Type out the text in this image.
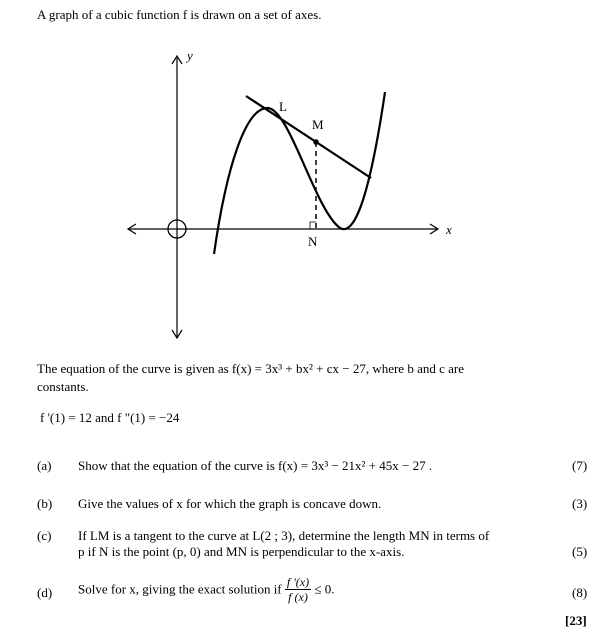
A graph of a cubic function f is drawn on a set of axes.
y
x
L
M
N
The equation of the curve is given as f(x) = 3x³ + bx² + cx − 27, where b and c are
constants.
f '(1) = 12 and f "(1) = −24
(a) Show that the equation of the curve is f(x) = 3x³ − 21x² + 45x − 27 .	(7)
(b) Give the values of x for which the graph is concave down.	(3)
(c) If LM is a tangent to the curve at L(2 ; 3), determine the length MN in terms of
p if N is the point (p, 0) and MN is perpendicular to the x-axis.	(5)
(d) Solve for x, giving the exact solution if $\frac{f '(x)}{f (x)} \le 0$.	(8)
[23]
